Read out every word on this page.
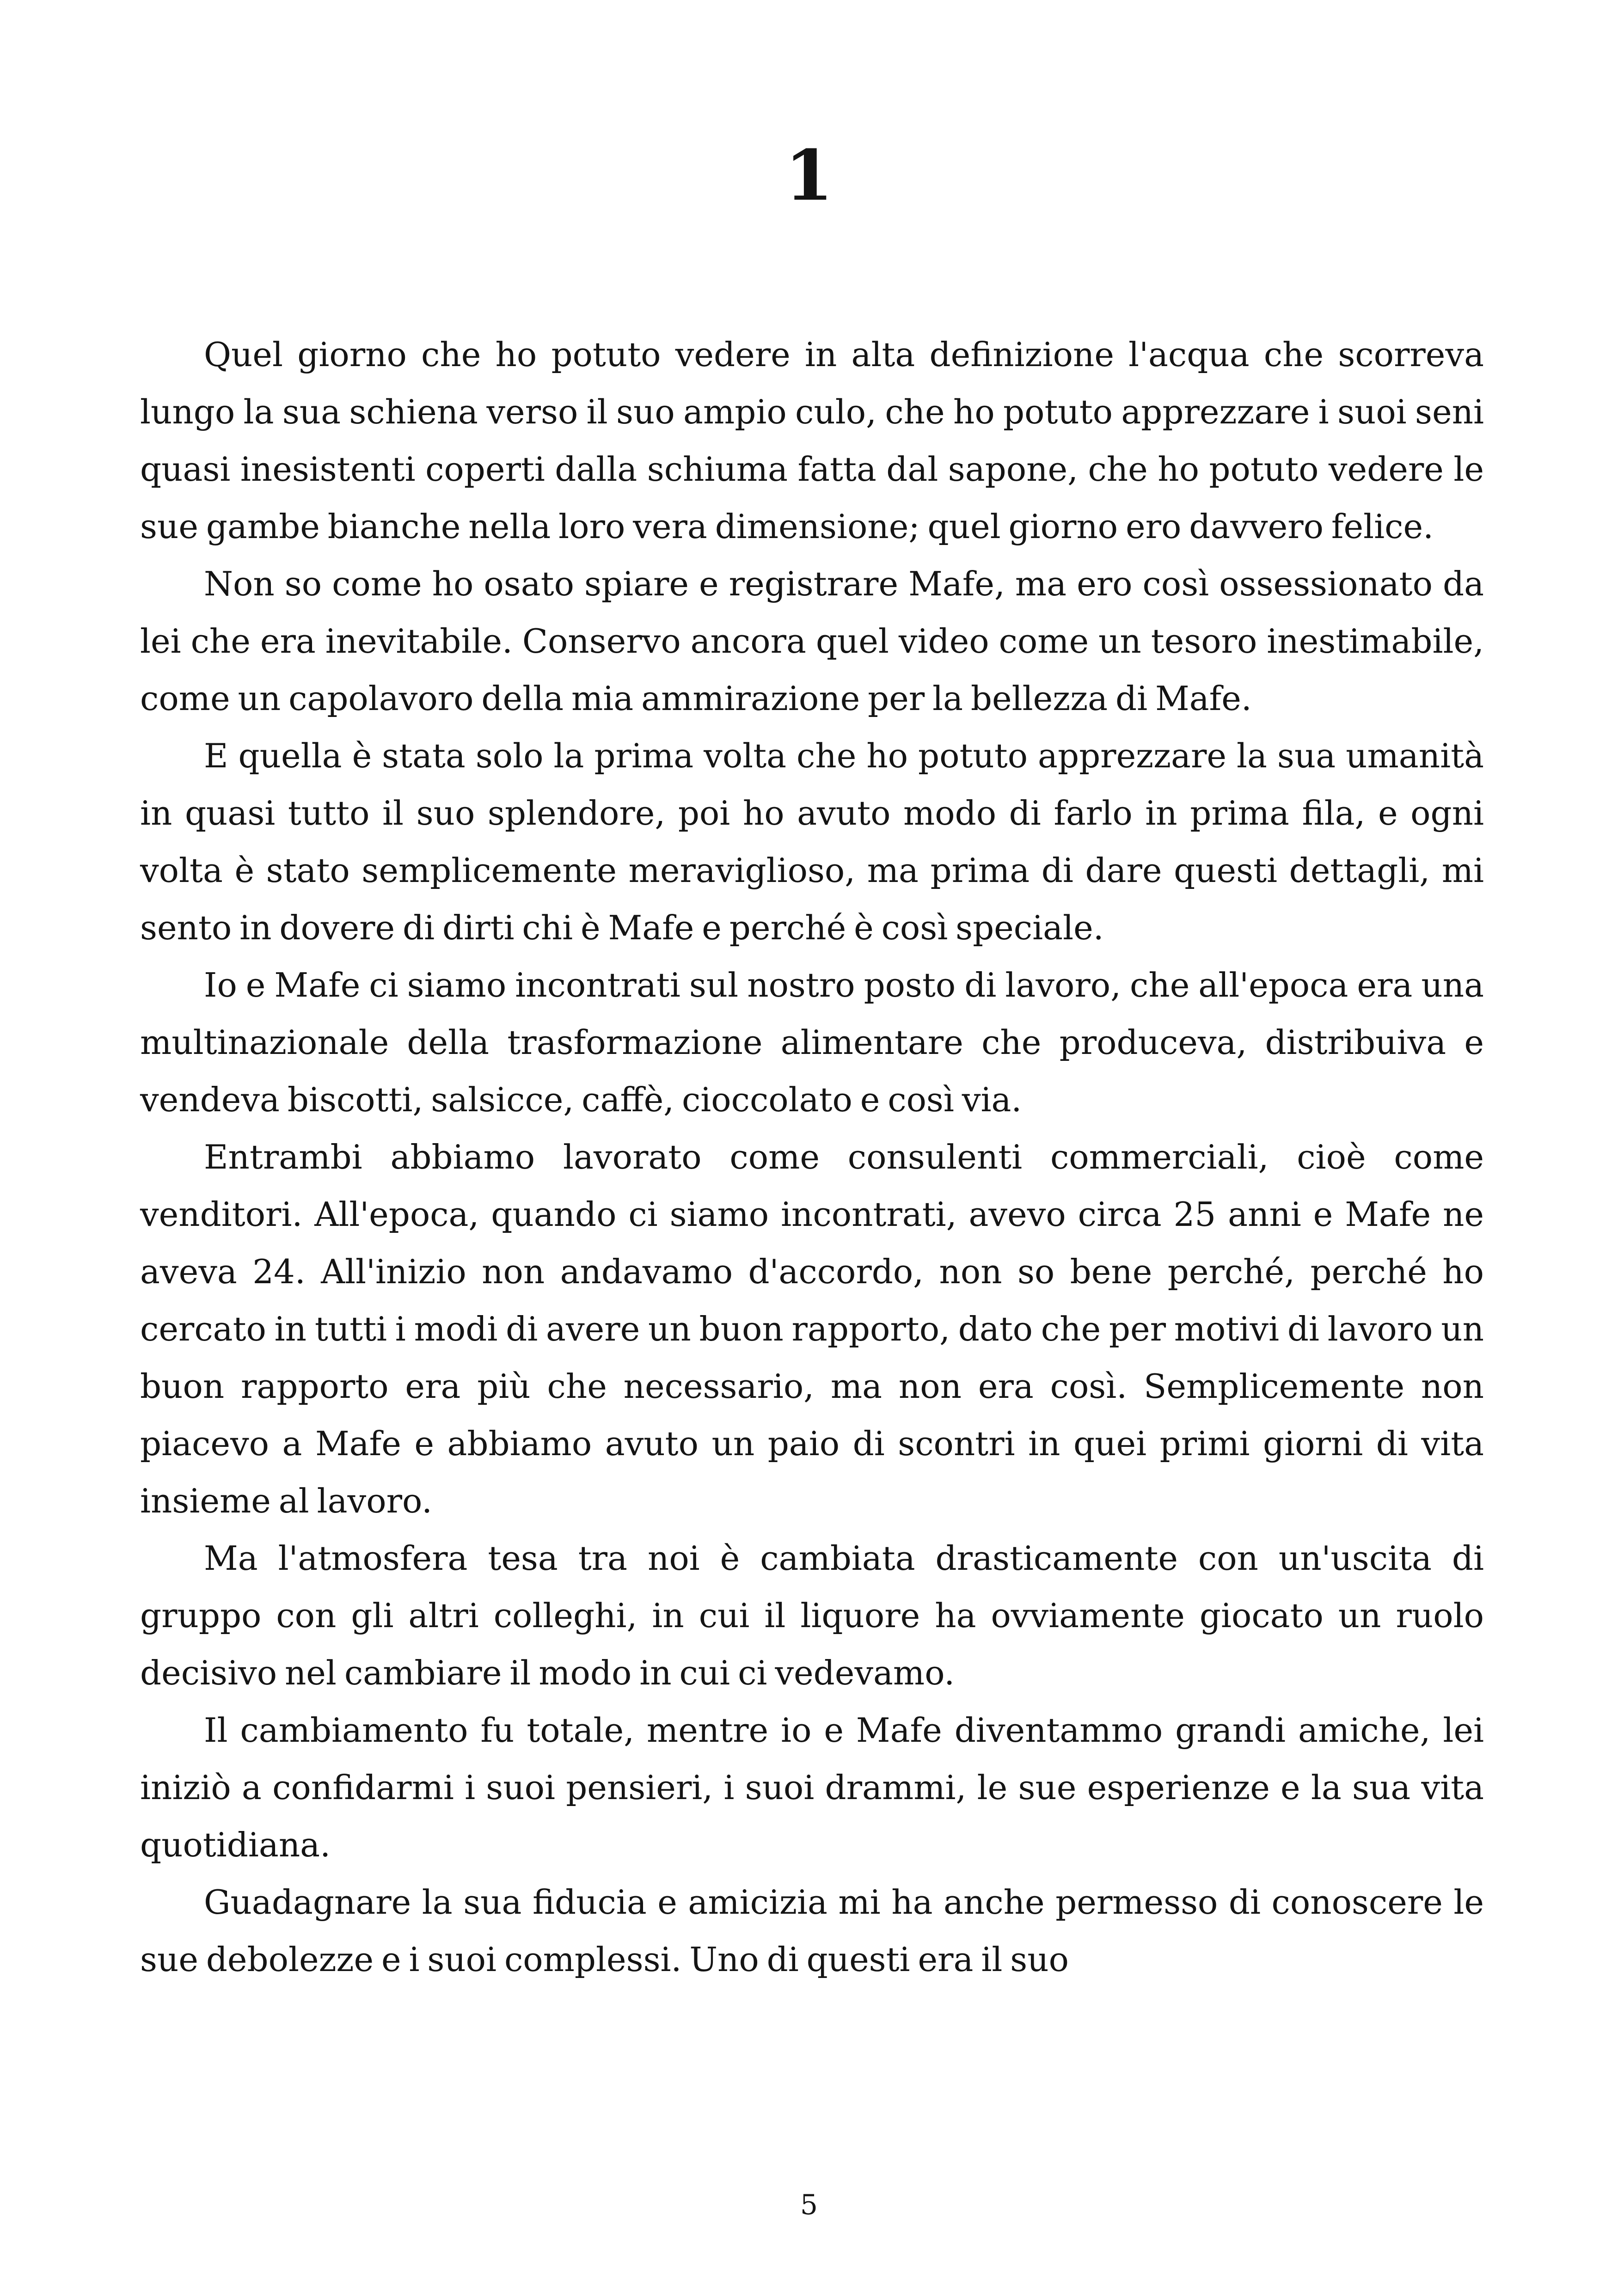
1

Quel giorno che ho potuto vedere in alta definizione l'acqua che scorreva lungo la sua schiena verso il suo ampio culo, che ho potuto apprezzare i suoi seni quasi inesistenti coperti dalla schiuma fatta dal sapone, che ho potuto vedere le sue gambe bianche nella loro vera dimensione; quel giorno ero davvero felice.

Non so come ho osato spiare e registrare Mafe, ma ero così ossessionato da lei che era inevitabile. Conservo ancora quel video come un tesoro inestimabile, come un capolavoro della mia ammirazione per la bellezza di Mafe.

E quella è stata solo la prima volta che ho potuto apprezzare la sua umanità in quasi tutto il suo splendore, poi ho avuto modo di farlo in prima fila, e ogni volta è stato semplicemente meraviglioso, ma prima di dare questi dettagli, mi sento in dovere di dirti chi è Mafe e perché è così speciale.

Io e Mafe ci siamo incontrati sul nostro posto di lavoro, che all'epoca era una multinazionale della trasformazione alimentare che produceva, distribuiva e vendeva biscotti, salsicce, caffè, cioccolato e così via.

Entrambi abbiamo lavorato come consulenti commerciali, cioè come venditori. All'epoca, quando ci siamo incontrati, avevo circa 25 anni e Mafe ne aveva 24. All'inizio non andavamo d'accordo, non so bene perché, perché ho cercato in tutti i modi di avere un buon rapporto, dato che per motivi di lavoro un buon rapporto era più che necessario, ma non era così. Semplicemente non piacevo a Mafe e abbiamo avuto un paio di scontri in quei primi giorni di vita insieme al lavoro.

Ma l'atmosfera tesa tra noi è cambiata drasticamente con un'uscita di gruppo con gli altri colleghi, in cui il liquore ha ovviamente giocato un ruolo decisivo nel cambiare il modo in cui ci vedevamo.

Il cambiamento fu totale, mentre io e Mafe diventammo grandi amiche, lei iniziò a confidarmi i suoi pensieri, i suoi drammi, le sue esperienze e la sua vita quotidiana.

Guadagnare la sua fiducia e amicizia mi ha anche permesso di conoscere le sue debolezze e i suoi complessi. Uno di questi era il suo

5
